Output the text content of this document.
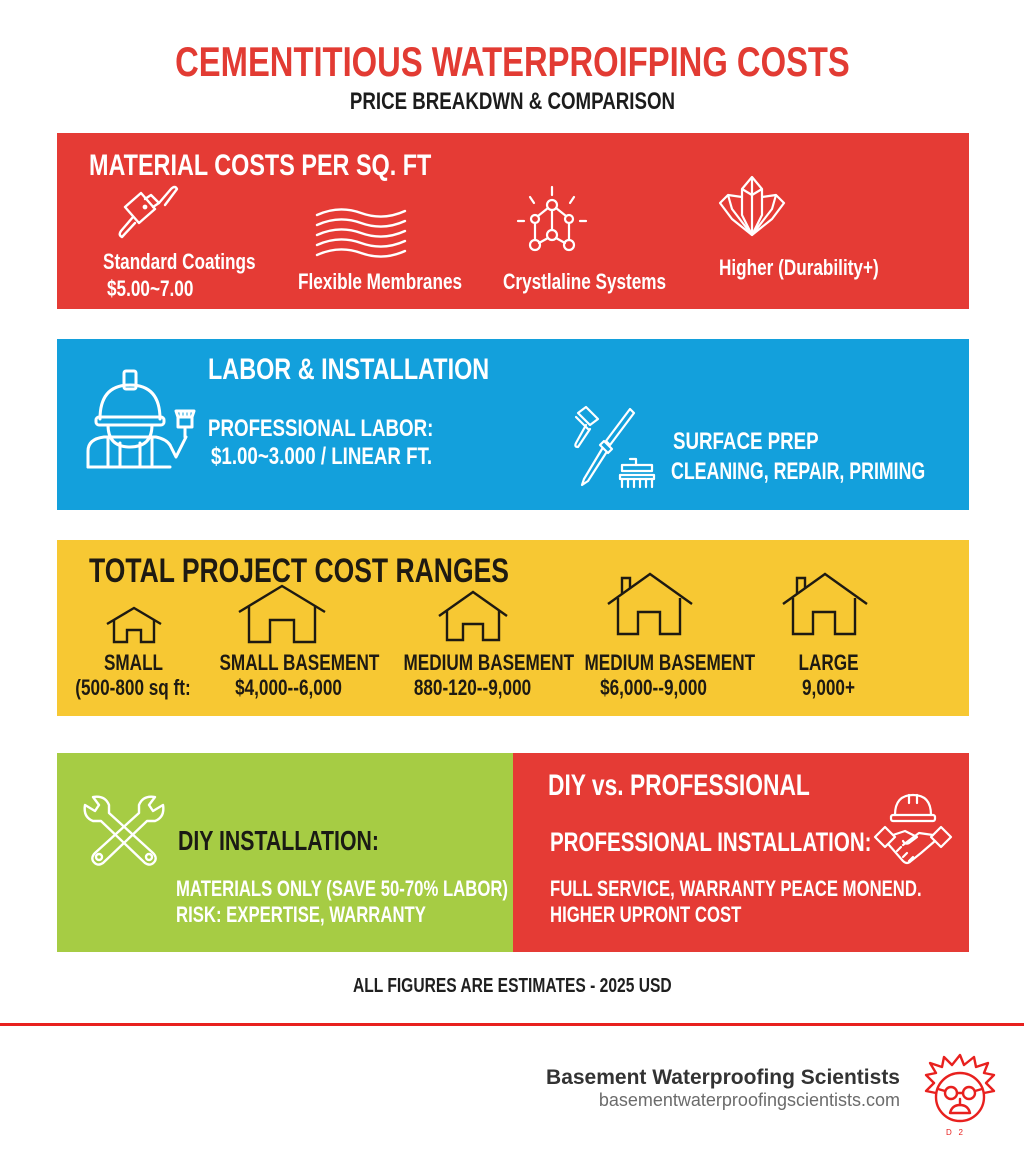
CEMENTITIOUS WATERPROIFPING COSTS
PRICE BREAKDWN & COMPARISON
MATERIAL COSTS PER SQ. FT
Standard Coatings
$5.00~7.00	Flexible Membranes Crystlaline Systems
Higher (Durability+)
LABOR & INSTALLATION
PROFESSIONAL LABOR:
$1.00~3.000 / LINEAR FT.
SURFACE PREP
CLEANING, REPAIR, PRIMING
TOTAL PROJECT COST RANGES
SMALL
(500-800 sq ft:
SMALL BASEMENT
$4,000--6,000
MEDIUM BASEMENT
880-120--9,000
MEDIUM BASEMENT
$6,000--9,000
LARGE
9,000+
DIY INSTALLATION:
MATERIALS ONLY (SAVE 50-70% LABOR)
RISK: EXPERTISE, WARRANTY
DIY vs. PROFESSIONAL
PROFESSIONAL INSTALLATION:
FULL SERVICE, WARRANTY PEACE MONEND.
HIGHER UPRONT COST
ALL FIGURES ARE ESTIMATES - 2025 USD
Basement Waterproofing Scientists
basementwaterproofingscientists.com
D   2
